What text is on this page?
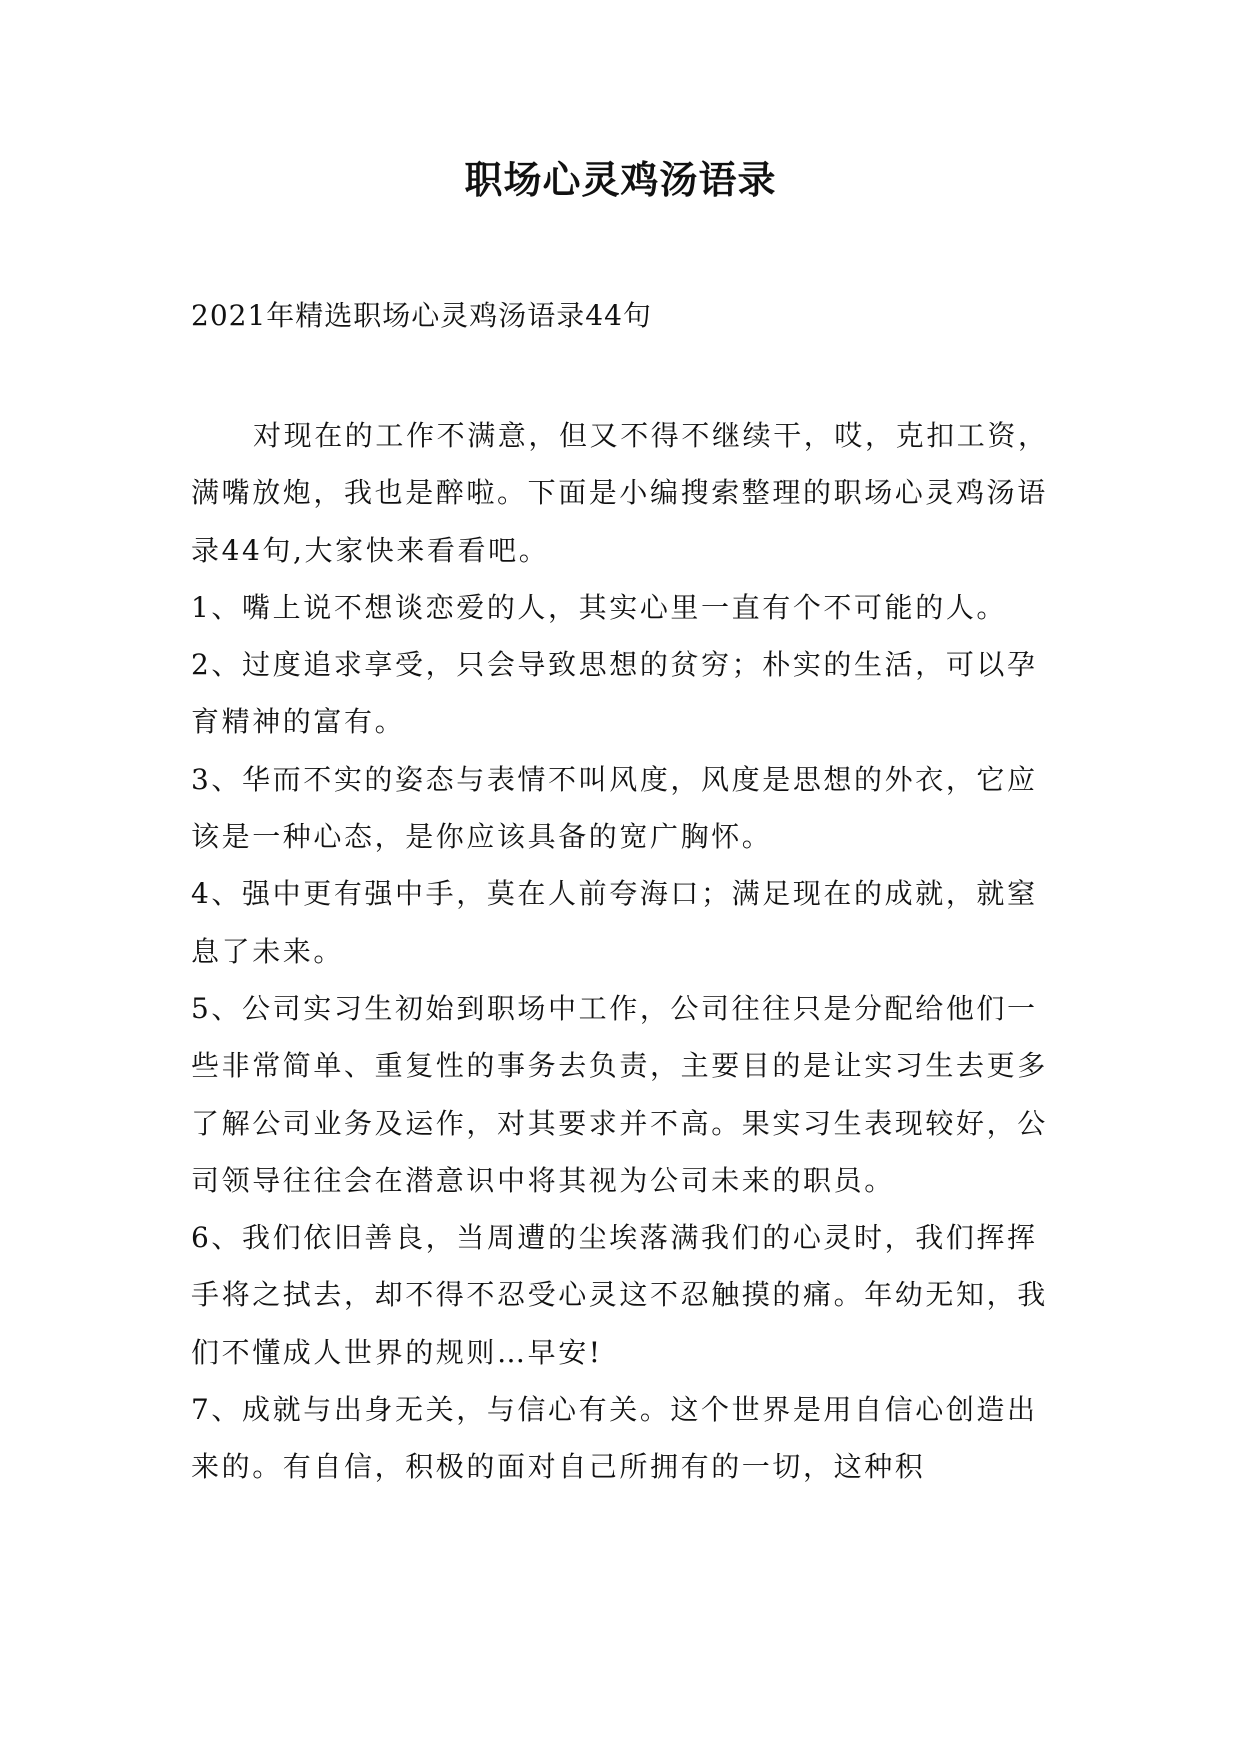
职场心灵鸡汤语录

2021年精选职场心灵鸡汤语录44句

对现在的工作不满意，但又不得不继续干，哎，克扣工资，满嘴放炮，我也是醉啦。下面是小编搜索整理的职场心灵鸡汤语录44句,大家快来看看吧。

1、嘴上说不想谈恋爱的人，其实心里一直有个不可能的人。

2、过度追求享受，只会导致思想的贫穷；朴实的生活，可以孕育精神的富有。

3、华而不实的姿态与表情不叫风度，风度是思想的外衣，它应该是一种心态，是你应该具备的宽广胸怀。

4、强中更有强中手，莫在人前夸海口；满足现在的成就，就窒息了未来。

5、公司实习生初始到职场中工作，公司往往只是分配给他们一些非常简单、重复性的事务去负责，主要目的是让实习生去更多了解公司业务及运作，对其要求并不高。果实习生表现较好，公司领导往往会在潜意识中将其视为公司未来的职员。

6、我们依旧善良，当周遭的尘埃落满我们的心灵时，我们挥挥手将之拭去，却不得不忍受心灵这不忍触摸的痛。年幼无知，我们不懂成人世界的规则…早安!

7、成就与出身无关，与信心有关。这个世界是用自信心创造出来的。有自信，积极的面对自己所拥有的一切，这种积
